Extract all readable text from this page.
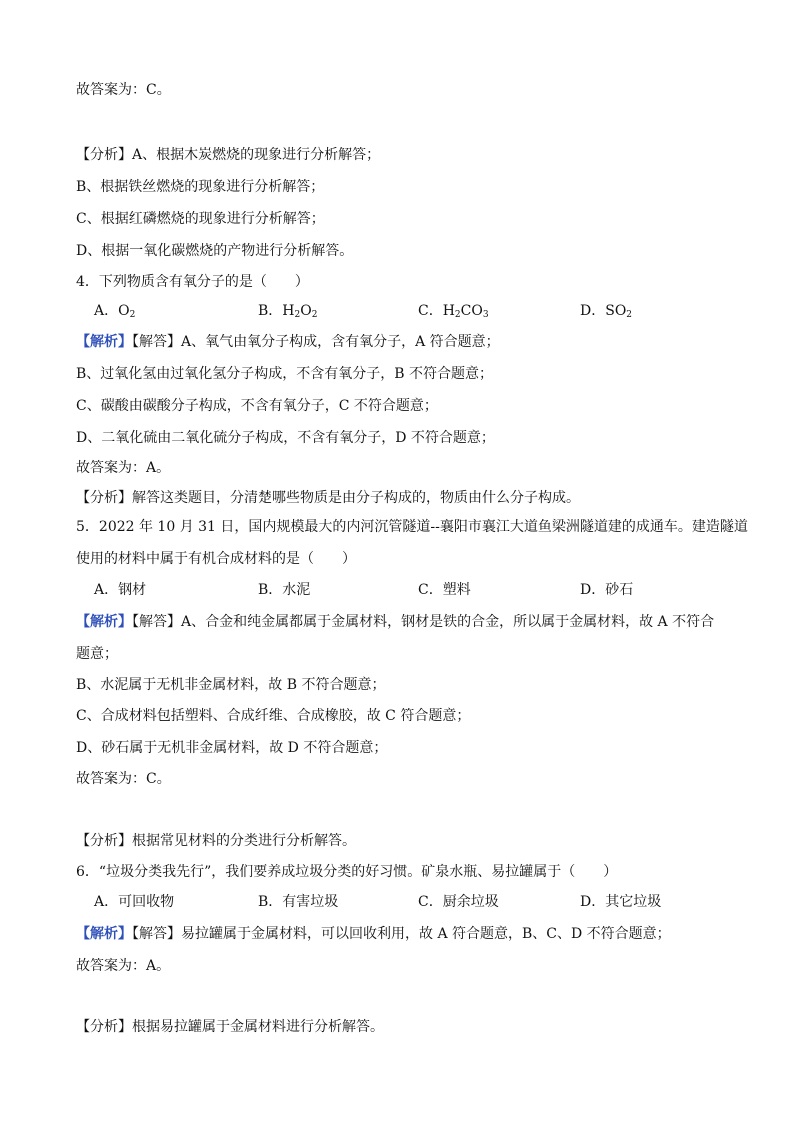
故答案为：C。
【分析】A、根据木炭燃烧的现象进行分析解答；
B、根据铁丝燃烧的现象进行分析解答；
C、根据红磷燃烧的现象进行分析解答；
D、根据一氧化碳燃烧的产物进行分析解答。
4．下列物质含有氧分子的是（　　）
A．$O_2$	B．$H_2O_2$	C．$H_2CO_3$	D．$SO_2$
【解析】【解答】A、氧气由氧分子构成，含有氧分子，A 符合题意；
B、过氧化氢由过氧化氢分子构成，不含有氧分子，B 不符合题意；
C、碳酸由碳酸分子构成，不含有氧分子，C 不符合题意；
D、二氧化硫由二氧化硫分子构成，不含有氧分子，D 不符合题意；
故答案为：A。
【分析】解答这类题目，分清楚哪些物质是由分子构成的，物质由什么分子构成。
5．2022 年 10 月 31 日，国内规模最大的内河沉管隧道--襄阳市襄江大道鱼梁洲隧道建的成通车。建造隧道
使用的材料中属于有机合成材料的是（　　）
A．钢材	B．水泥	C．塑料	D．砂石
【解析】【解答】A、合金和纯金属都属于金属材料，钢材是铁的合金，所以属于金属材料，故 A 不符合
题意；
B、水泥属于无机非金属材料，故 B 不符合题意；
C、合成材料包括塑料、合成纤维、合成橡胶，故 C 符合题意；
D、砂石属于无机非金属材料，故 D 不符合题意；
故答案为：C。
【分析】根据常见材料的分类进行分析解答。
6．“垃圾分类我先行”，我们要养成垃圾分类的好习惯。矿泉水瓶、易拉罐属于（　　）
A．可回收物	B．有害垃圾	C．厨余垃圾	D．其它垃圾
【解析】【解答】易拉罐属于金属材料，可以回收利用，故 A 符合题意，B、C、D 不符合题意；
故答案为：A。
【分析】根据易拉罐属于金属材料进行分析解答。
